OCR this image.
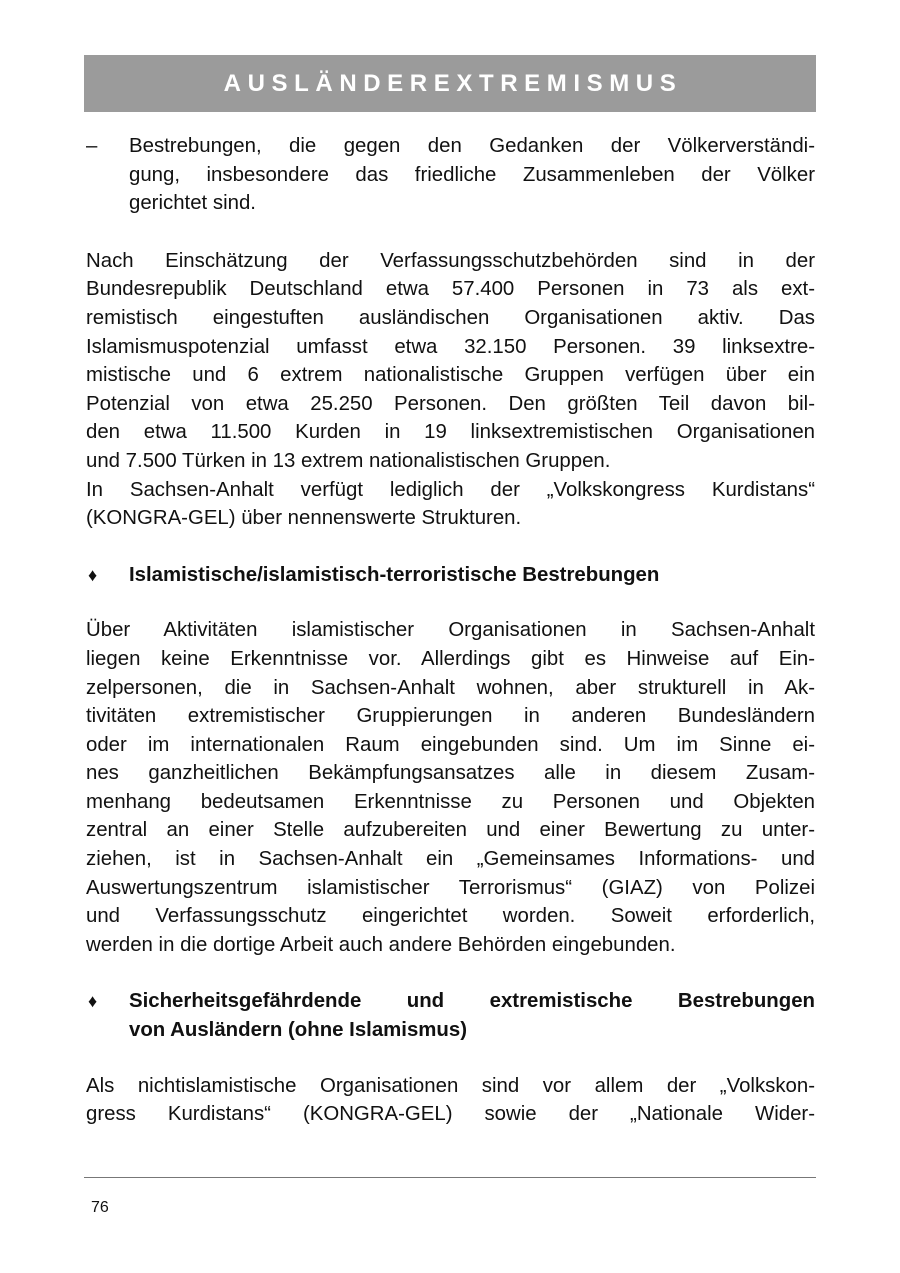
AUSLÄNDEREXTREMISMUS
– Bestrebungen, die gegen den Gedanken der Völkerverständi-
gung, insbesondere das friedliche Zusammenleben der Völker
gerichtet sind.

Nach Einschätzung der Verfassungsschutzbehörden sind in der
Bundesrepublik Deutschland etwa 57.400 Personen in 73 als ext-
remistisch eingestuften ausländischen Organisationen aktiv. Das
Islamismuspotenzial umfasst etwa 32.150 Personen. 39 linksextre-
mistische und 6 extrem nationalistische Gruppen verfügen über ein
Potenzial von etwa 25.250 Personen. Den größten Teil davon bil-
den etwa 11.500 Kurden in 19 linksextremistischen Organisationen
und 7.500 Türken in 13 extrem nationalistischen Gruppen.

In Sachsen-Anhalt verfügt lediglich der „Volkskongress Kurdistans“
(KONGRA-GEL) über nennenswerte Strukturen.

♦ Islamistische/islamistisch-terroristische Bestrebungen

Über Aktivitäten islamistischer Organisationen in Sachsen-Anhalt
liegen keine Erkenntnisse vor. Allerdings gibt es Hinweise auf Ein-
zelpersonen, die in Sachsen-Anhalt wohnen, aber strukturell in Ak-
tivitäten extremistischer Gruppierungen in anderen Bundesländern
oder im internationalen Raum eingebunden sind. Um im Sinne ei-
nes ganzheitlichen Bekämpfungsansatzes alle in diesem Zusam-
menhang bedeutsamen Erkenntnisse zu Personen und Objekten
zentral an einer Stelle aufzubereiten und einer Bewertung zu unter-
ziehen, ist in Sachsen-Anhalt ein „Gemeinsames Informations- und
Auswertungszentrum islamistischer Terrorismus“ (GIAZ) von Polizei
und Verfassungsschutz eingerichtet worden. Soweit erforderlich,
werden in die dortige Arbeit auch andere Behörden eingebunden.

♦ Sicherheitsgefährdende und extremistische Bestrebungen
von Ausländern (ohne Islamismus)

Als nichtislamistische Organisationen sind vor allem der „Volkskon-
gress Kurdistans“ (KONGRA-GEL) sowie der „Nationale Wider-

76
